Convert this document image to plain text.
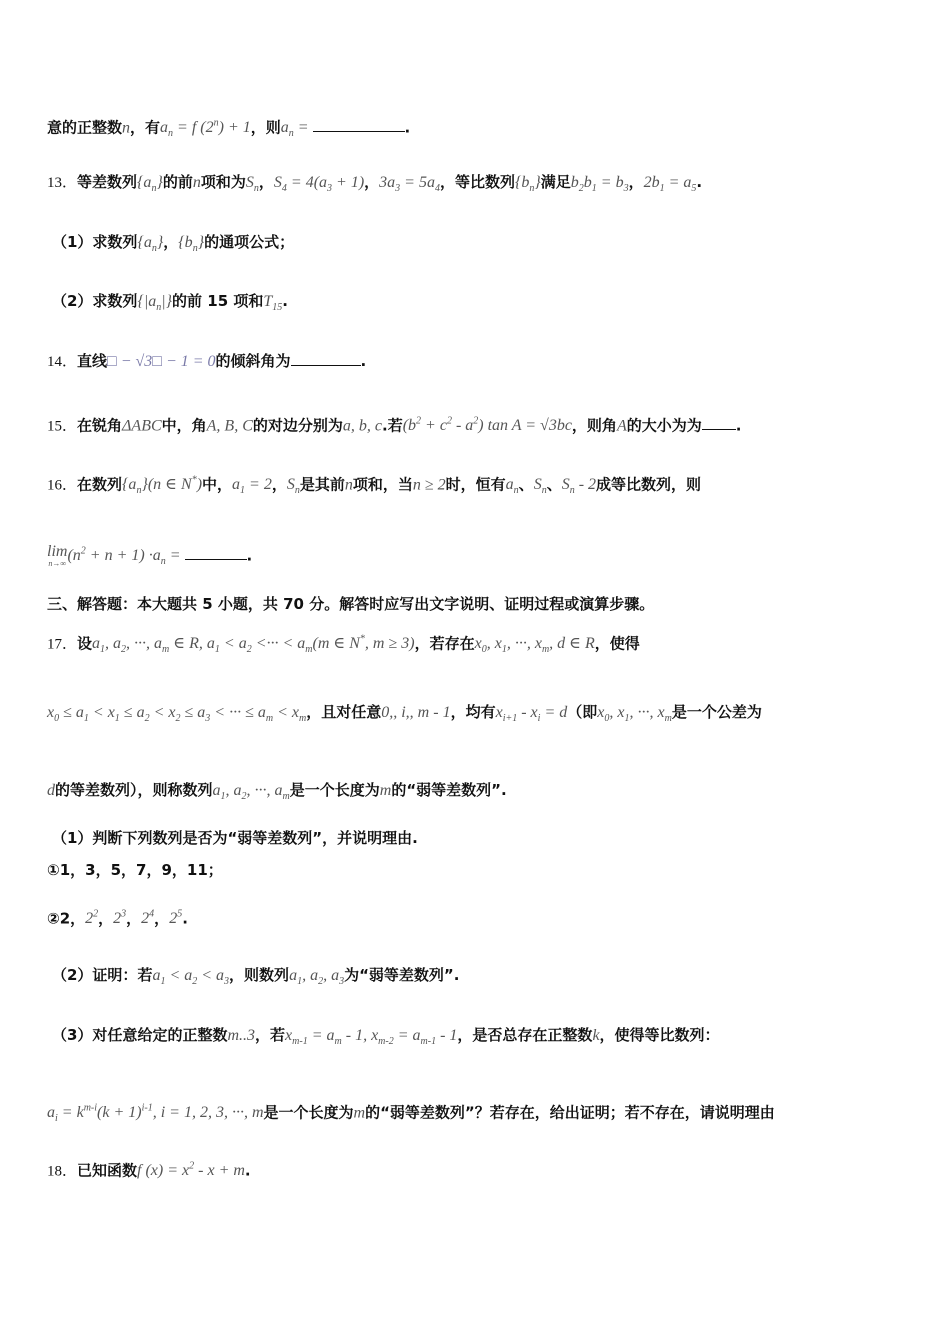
意的正整数n，有$a_n = f$ $(2^n) + 1$，则$a_n$ =	.
13．等差数列$\{a_n\}$的前n项和为$S_n$，$S_4 = 4(a_3 + 1)$，$3a_3 = 5a_4$，等比数列$\{b_n\}$满足$b_2b_1 = b_3$，$2b_1 = a_5$.
（1）求数列$\{a_n\}$，$\{b_n\}$的通项公式；
（2）求数列$\{|a_n|\}$的前 15 项和$T_{15}$.
14．直线□ − √3□ − 1 = 0的倾斜角为	.
15．在锐角ΔABC中，角A, B, C的对边分别为a, b, c.若$(b^2 + c^2 - a^2)$ tan A = √3bc，则角A的大小为为 .
16．在数列$\{a_n\}(n$ ∈ N*)中，$a_1 = 2$，$S_n$是其前n项和，当n ≥ 2时，恒有$a_n$、$S_n$、$S_n - 2$成等比数列，则
lim
n→∞ $(n^2 + n + 1) \cdot a_n$ =	.
三、解答题：本大题共 5 小题，共 70 分。解答时应写出文字说明、证明过程或演算步骤。
17．设$a_1$, $a_2$, ···, $a_m$ ∈ R, $a_1 < a_2$ <··· < $a_m(m$ ∈ N*, m ≥ 3)，若存在$x_0$, $x_1$, ···, $x_m$, d ∈ R，使得
$x_0 \le a_1 < x_1 \le a_2 < x_2 \le a_3$ < ··· ≤ $a_m < x_m$，且对任意0,, i,, m - 1，均有$x_{i+1} - x_i = d$（即$x_0$, $x_1$, ···, $x_m$是一个公差为
d的等差数列），则称数列$a_1$, $a_2$, ···, $a_m$是一个长度为m的“弱等差数列”.
（1）判断下列数列是否为“弱等差数列”，并说明理由.
①1，3，5，7，9，11；
②2，$2^2$，$2^3$，$2^4$，$2^5$.
（2）证明：若$a_1 < a_2 < a_3$，则数列$a_1$, $a_2$, $a_3$为“弱等差数列”.
（3）对任意给定的正整数m..3，若$x_{m-1} = a_m - 1$, $x_{m-2} = a_{m-1} - 1$，是否总存在正整数k，使得等比数列：
$a_i = k^{m-i}(k + 1)^{i-1}$, i = 1, 2, 3, ···, m是一个长度为m的“弱等差数列”？若存在，给出证明；若不存在，请说明理由
18．已知函数f $(x) = x^2 - x + m$.
